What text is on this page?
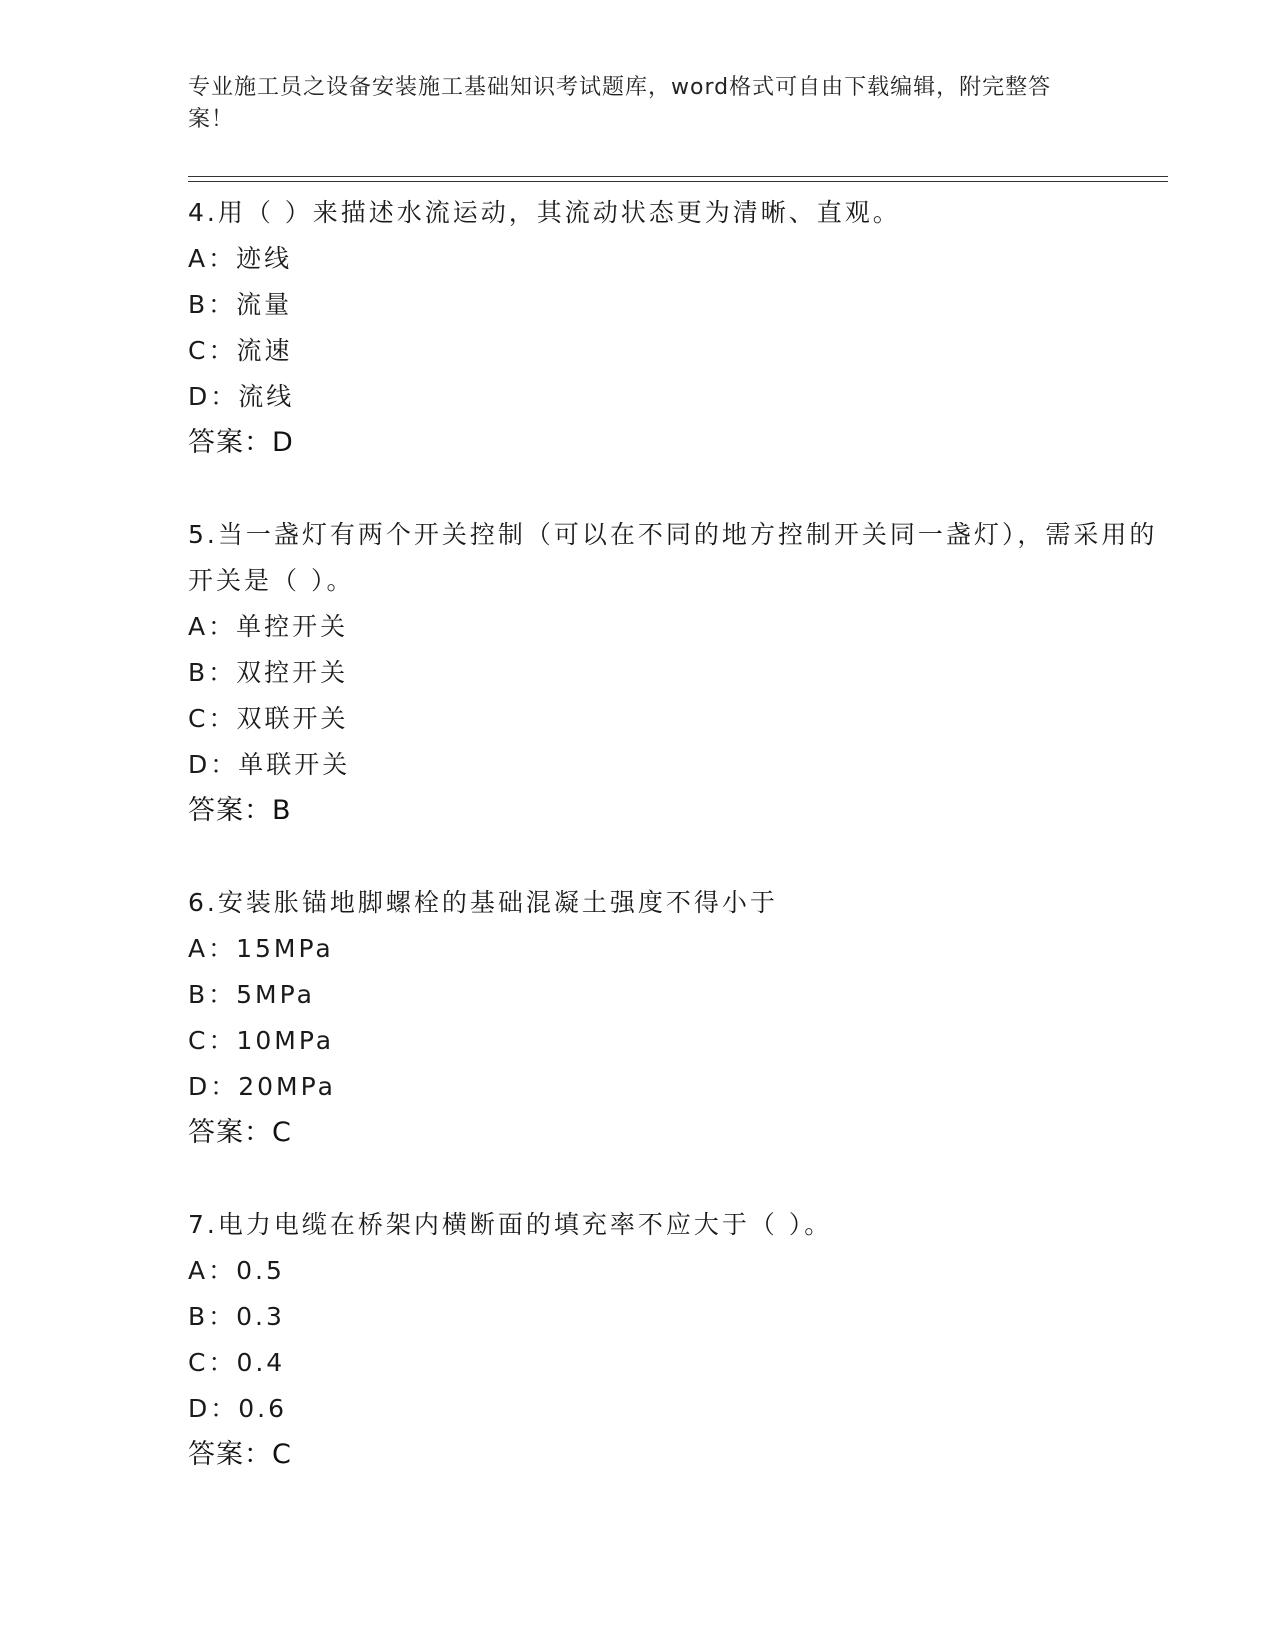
专业施工员之设备安装施工基础知识考试题库，word格式可自由下载编辑，附完整答案！
4.用（ ）来描述水流运动，其流动状态更为清晰、直观。
A：迹线
B：流量
C：流速
D：流线
答案：D
5.当一盏灯有两个开关控制（可以在不同的地方控制开关同一盏灯），需采用的开关是（ ）。
A：单控开关
B：双控开关
C：双联开关
D：单联开关
答案：B
6.安装胀锚地脚螺栓的基础混凝土强度不得小于
A：15MPa
B：5MPa
C：10MPa
D：20MPa
答案：C
7.电力电缆在桥架内横断面的填充率不应大于（ ）。
A：0.5
B：0.3
C：0.4
D：0.6
答案：C
